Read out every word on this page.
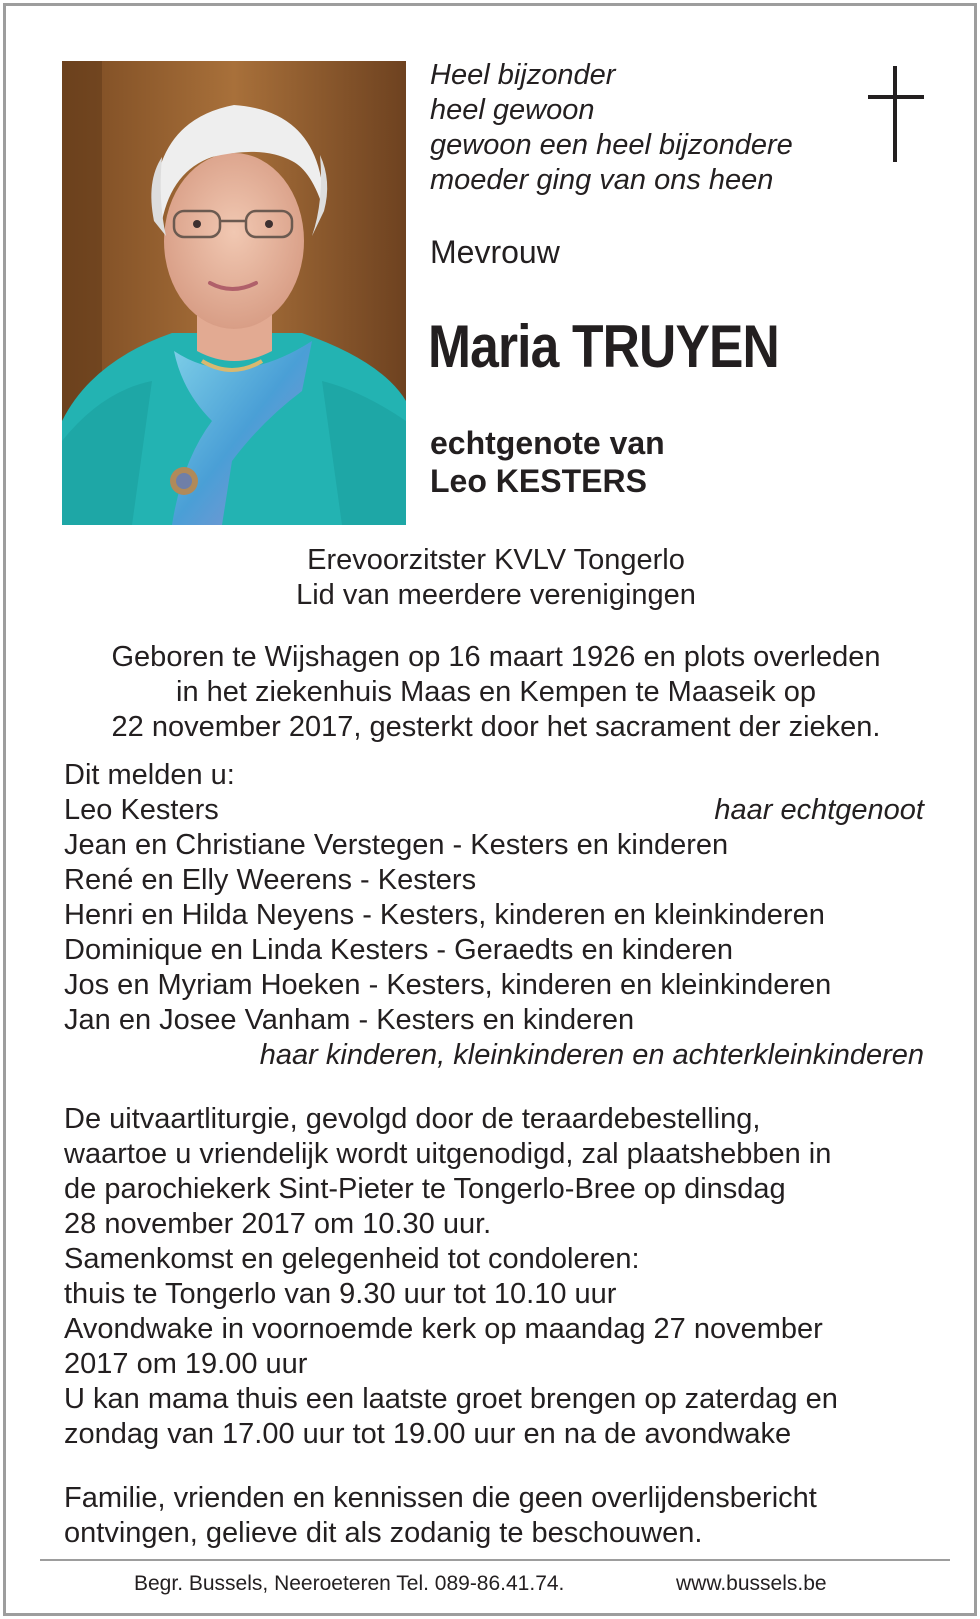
Heel bijzonder
heel gewoon
gewoon een heel bijzondere
moeder ging van ons heen
Mevrouw
Maria TRUYEN
echtgenote van
Leo KESTERS
Erevoorzitster KVLV Tongerlo
Lid van meerdere verenigingen
Geboren te Wijshagen op 16 maart 1926 en plots overleden
in het ziekenhuis Maas en Kempen te Maaseik op
22 november 2017, gesterkt door het sacrament der zieken.
Dit melden u:
Leo Kesters	haar echtgenoot
Jean en Christiane Verstegen - Kesters en kinderen
René en Elly Weerens - Kesters
Henri en Hilda Neyens - Kesters, kinderen en kleinkinderen
Dominique en Linda Kesters - Geraedts en kinderen
Jos en Myriam Hoeken - Kesters, kinderen en kleinkinderen
Jan en Josee Vanham - Kesters en kinderen
haar kinderen, kleinkinderen en achterkleinkinderen
De uitvaartliturgie, gevolgd door de teraardebestelling,
waartoe u vriendelijk wordt uitgenodigd, zal plaatshebben in
de parochiekerk Sint-Pieter te Tongerlo-Bree op dinsdag
28 november 2017 om 10.30 uur.
Samenkomst en gelegenheid tot condoleren:
thuis te Tongerlo van 9.30 uur tot 10.10 uur
Avondwake in voornoemde kerk op maandag 27 november
2017 om 19.00 uur
U kan mama thuis een laatste groet brengen op zaterdag en
zondag van 17.00 uur tot 19.00 uur en na de avondwake
Familie, vrienden en kennissen die geen overlijdensbericht
ontvingen, gelieve dit als zodanig te beschouwen.
Begr. Bussels, Neeroeteren Tel. 089-86.41.74.	www.bussels.be
